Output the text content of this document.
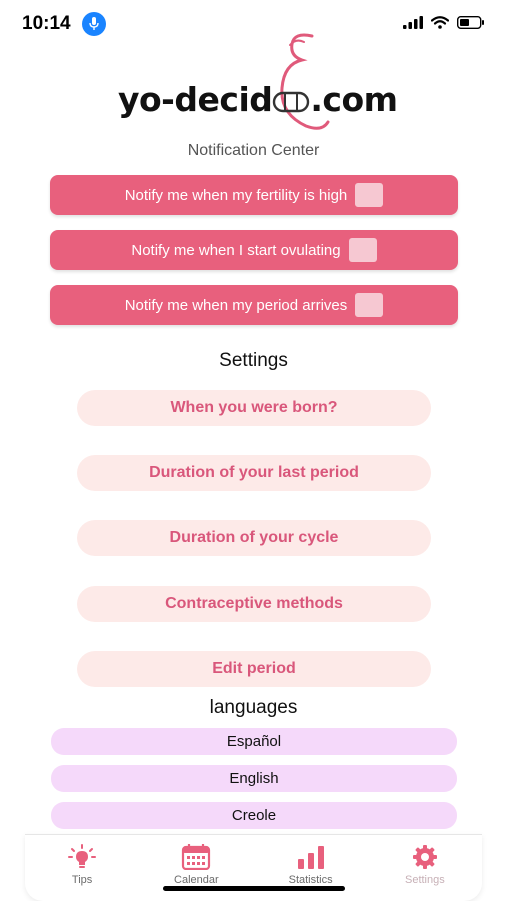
10:14
yo-decid .com
Notification Center
Notify me when my fertility is high
Notify me when I start ovulating
Notify me when my period arrives
Settings
When you were born?
Duration of your last period
Duration of your cycle
Contraceptive methods
Edit period
languages
Español
English
Creole
Tips	Calendar	Statistics	Settings
